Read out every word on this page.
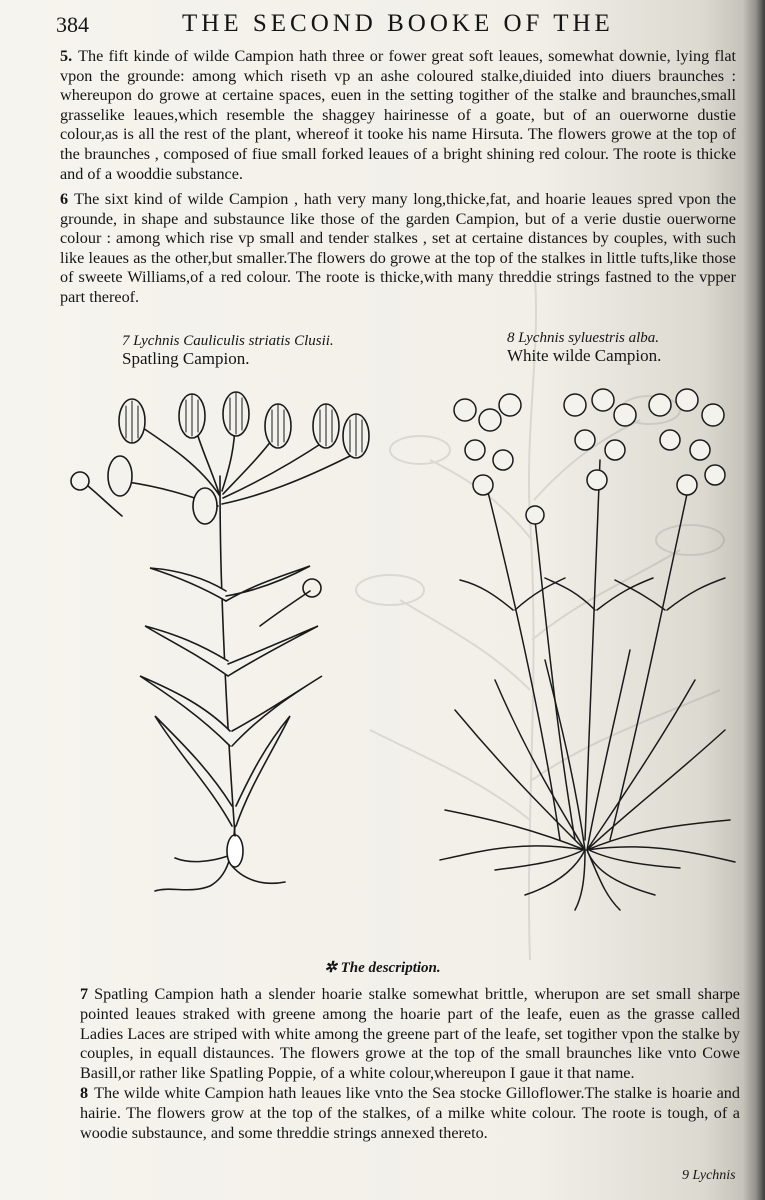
384	THE SECOND BOOKE OF THE

5. The fift kinde of wilde Campion hath three or fower great soft leaues, somewhat downie, lying flat vpon the grounde: among which riseth vp an ashe coloured stalke,diuided into diuers braunches : whereupon do growe at certaine spaces, euen in the setting togither of the stalke and braunches,small grasselike leaues,which resemble the shaggey hairinesse of a goate, but of an ouerworne dustie colour,as is all the rest of the plant, whereof it tooke his name Hirsuta. The flowers growe at the top of the braunches , composed of fiue small forked leaues of a bright shining red colour. The roote is thicke and of a wooddie substance.

6 The sixt kind of wilde Campion , hath very many long,thicke,fat, and hoarie leaues spred vpon the grounde, in shape and substaunce like those of the garden Campion, but of a verie dustie ouerworne colour : among which rise vp small and tender stalkes , set at certaine distances by couples, with such like leaues as the other,but smaller.The flowers do growe at the top of the stalkes in little tufts,like those of sweete Williams,of a red colour. The roote is thicke,with many threddie strings fastned to the vpper part thereof.

7 Lychnis Cauliculis striatis Clusii.
Spatling Campion.
8 Lychnis syluestris alba.
White wilde Campion.
✲ The description.
7 Spatling Campion hath a slender hoarie stalke somewhat brittle, wherupon are set small sharpe pointed leaues straked with greene among the hoarie part of the leafe, euen as the grasse called Ladies Laces are striped with white among the greene part of the leafe, set togither vpon the stalke by couples, in equall distaunces. The flowers growe at the top of the small braunches like vnto Cowe Basill,or rather like Spatling Poppie, of a white colour,whereupon I gaue it that name.
8 The wilde white Campion hath leaues like vnto the Sea stocke Gilloflower.The stalke is hoarie and hairie. The flowers grow at the top of the stalkes, of a milke white colour. The roote is tough, of a woodie substaunce, and some threddie strings annexed thereto.
9 Lychnis
